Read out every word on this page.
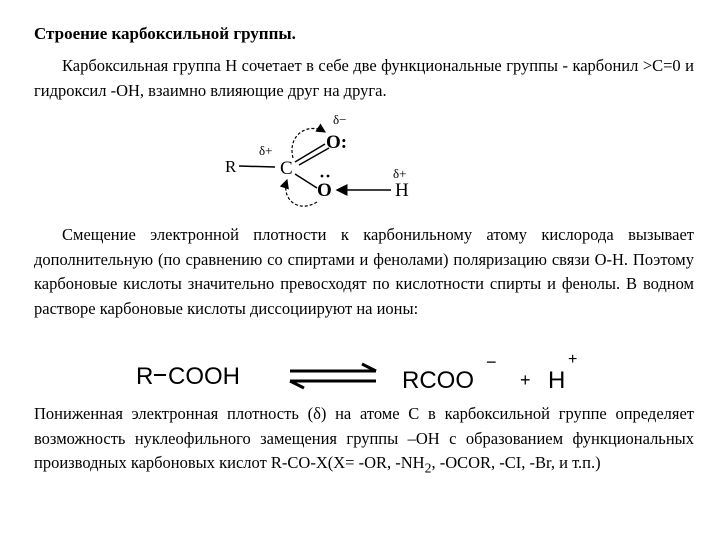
Строение карбоксильной группы.
Карбоксильная группа Н сочетает в себе две функциональные группы - карбонил >С=0 и гидроксил -ОН, взаимно влияющие друг на друга.
δ−
O:
δ+
R C
O
δ+
H
Смещение электронной плотности к карбонильному атому кислорода вызывает дополнительную (по сравнению со спиртами и фенолами) поляризацию связи О-Н. Поэтому карбоновые кислоты значительно превосходят по кислотности спирты и фенолы. В водном растворе карбоновые кислоты диссоциируют на ионы:
R COOH	RCOO
−
+ H
+
Пониженная электронная плотность (δ) на атоме С в карбоксильной группе определяет возможность нуклеофильного замещения группы –ОН с образованием функциональных производных карбоновых кислот R-CO-X(X= -OR, $-NH_2$, -OCOR, -CI, -Br, и т.п.)
